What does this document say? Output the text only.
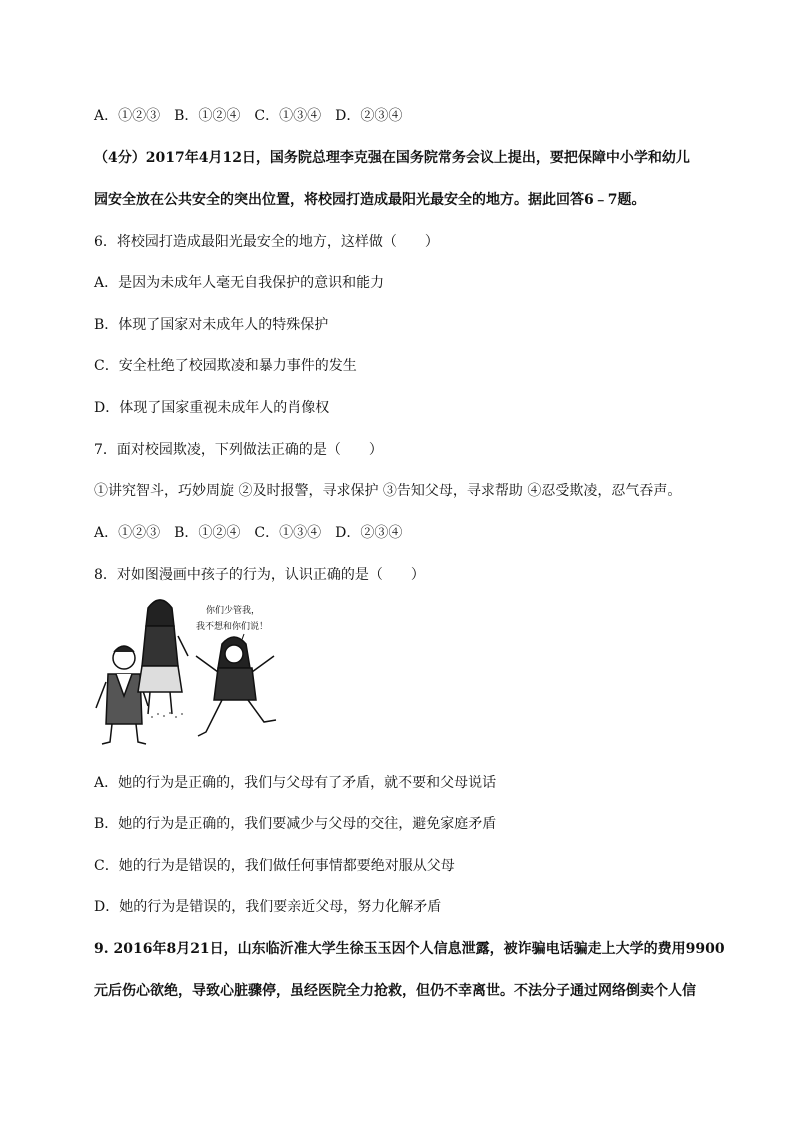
A．①②③　B．①②④　C．①③④　D．②③④
（4分）2017年4月12日，国务院总理李克强在国务院常务会议上提出，要把保障中小学和幼儿
园安全放在公共安全的突出位置，将校园打造成最阳光最安全的地方。据此回答6﹣7题。
6．将校园打造成最阳光最安全的地方，这样做（　　）
A．是因为未成年人毫无自我保护的意识和能力
B．体现了国家对未成年人的特殊保护
C．安全杜绝了校园欺凌和暴力事件的发生
D．体现了国家重视未成年人的肖像权
7．面对校园欺凌，下列做法正确的是（　　）
①讲究智斗，巧妙周旋 ②及时报警，寻求保护 ③告知父母，寻求帮助 ④忍受欺凌，忍气吞声。
A．①②③　B．①②④　C．①③④　D．②③④
8．对如图漫画中孩子的行为，认识正确的是（　　）
你们少管我，
我不想和你们说！
A．她的行为是正确的，我们与父母有了矛盾，就不要和父母说话
B．她的行为是正确的，我们要减少与父母的交往，避免家庭矛盾
C．她的行为是错误的，我们做任何事情都要绝对服从父母
D．她的行为是错误的，我们要亲近父母，努力化解矛盾
9. 2016年8月21日，山东临沂准大学生徐玉玉因个人信息泄露，被诈骗电话骗走上大学的费用9900
元后伤心欲绝，导致心脏骤停，虽经医院全力抢救，但仍不幸离世。不法分子通过网络倒卖个人信
